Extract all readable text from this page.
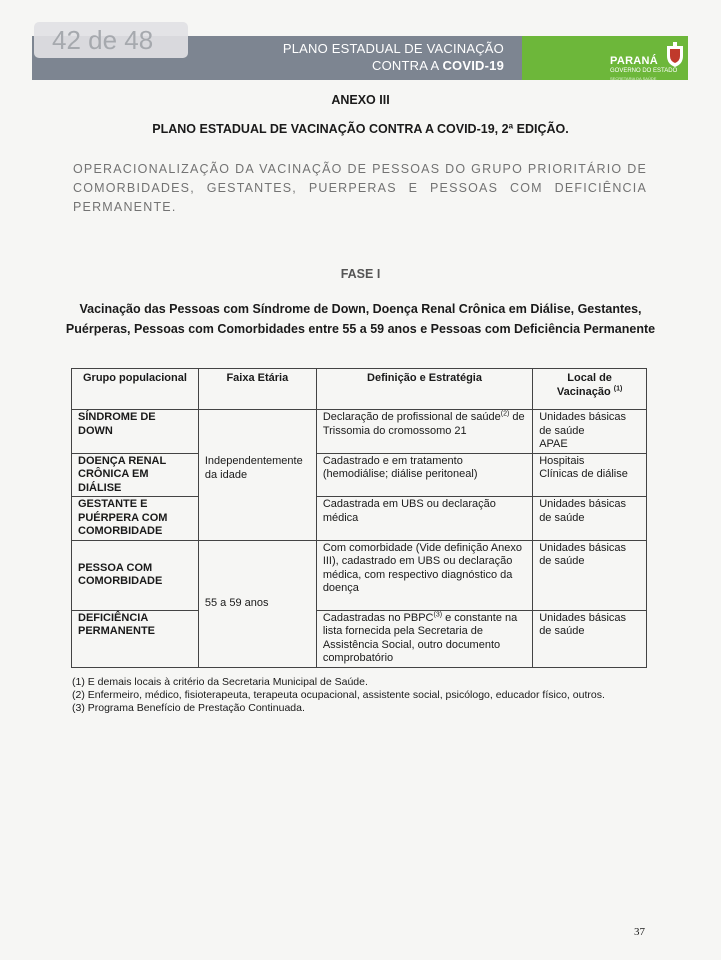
PLANO ESTADUAL DE VACINAÇÃO
CONTRA A COVID-19
42 de 48
PARANÁ
GOVERNO DO ESTADO
SECRETARIA DA SAÚDE
ANEXO III
PLANO ESTADUAL DE VACINAÇÃO CONTRA A COVID-19, 2ª EDIÇÃO.
OPERACIONALIZAÇÃO DA VACINAÇÃO DE PESSOAS DO GRUPO PRIORITÁRIO DE COMORBIDADES, GESTANTES, PUERPERAS E PESSOAS COM DEFICIÊNCIA PERMANENTE.
FASE I
Vacinação das Pessoas com Síndrome de Down, Doença Renal Crônica em Diálise, Gestantes, Puérperas, Pessoas com Comorbidades entre 55 a 59 anos e Pessoas com Deficiência Permanente
Grupo populacional	Faixa Etária	Definição e Estratégia	Local de Vacinação $^{(1)}$
SÍNDROME DE DOWN	Independentemente da idade	Declaração de profissional de saúde$^{(2)}$ de Trissomia do cromossomo 21	Unidades básicas de saúde
APAE
DOENÇA RENAL CRÔNICA EM DIÁLISE		Cadastrado e em tratamento (hemodiálise; diálise peritoneal)	Hospitais
Clínicas de diálise
GESTANTE E PUÉRPERA COM COMORBIDADE		Cadastrada em UBS ou declaração médica	Unidades básicas de saúde
PESSOA COM COMORBIDADE	55 a 59 anos	Com comorbidade (Vide definição Anexo III), cadastrado em UBS ou declaração médica, com respectivo diagnóstico da doença	Unidades básicas de saúde
DEFICIÊNCIA PERMANENTE		Cadastradas no PBPC$^{(3)}$ e constante na lista fornecida pela Secretaria de Assistência Social, outro documento comprobatório	Unidades básicas de saúde
(1) E demais locais à critério da Secretaria Municipal de Saúde.
(2) Enfermeiro, médico, fisioterapeuta, terapeuta ocupacional, assistente social, psicólogo, educador físico, outros.
(3) Programa Benefício de Prestação Continuada.
37
